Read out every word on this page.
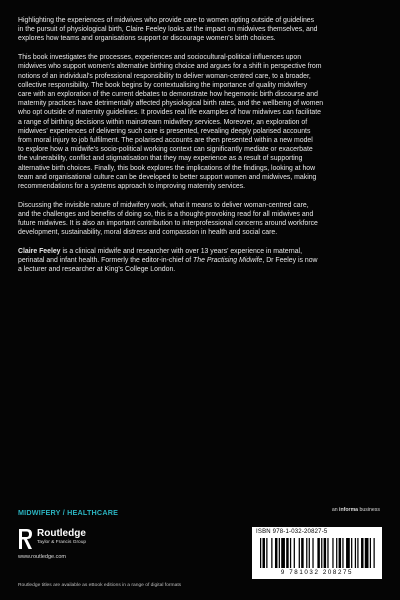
Highlighting the experiences of midwives who provide care to women opting outside of guidelines

in the pursuit of physiological birth, Claire Feeley looks at the impact on midwives themselves, and

explores how teams and organisations support or discourage women's birth choices.

This book investigates the processes, experiences and sociocultural-political influences upon

midwives who support women's alternative birthing choice and argues for a shift in perspective from

notions of an individual's professional responsibility to deliver woman-centred care, to a broader,

collective responsibility. The book begins by contextualising the importance of quality midwifery

care with an exploration of the current debates to demonstrate how hegemonic birth discourse and

maternity practices have detrimentally affected physiological birth rates, and the wellbeing of women

who opt outside of maternity guidelines. It provides real life examples of how midwives can facilitate

a range of birthing decisions within mainstream midwifery services. Moreover, an exploration of

midwives' experiences of delivering such care is presented, revealing deeply polarised accounts

from moral injury to job fulfilment. The polarised accounts are then presented within a new model

to explore how a midwife's socio-political working context can significantly mediate or exacerbate

the vulnerability, conflict and stigmatisation that they may experience as a result of supporting

alternative birth choices. Finally, this book explores the implications of the findings, looking at how

team and organisational culture can be developed to better support women and midwives, making

recommendations for a systems approach to improving maternity services.

Discussing the invisible nature of midwifery work, what it means to deliver woman-centred care,

and the challenges and benefits of doing so, this is a thought-provoking read for all midwives and

future midwives. It is also an important contribution to interprofessional concerns around workforce

development, sustainability, moral distress and compassion in health and social care.

Claire Feeley is a clinical midwife and researcher with over 13 years' experience in maternal,

perinatal and infant health. Formerly the editor-in-chief of The Practising Midwife, Dr Feeley is now

a lecturer and researcher at King's College London.

MIDWIFERY / HEALTHCARE	an informa business
Routledge
Taylor & Francis Group
www.routledge.com
ISBN 978-1-032-20827-5
9 781032 208275
Routledge titles are available as eBook editions in a range of digital formats
